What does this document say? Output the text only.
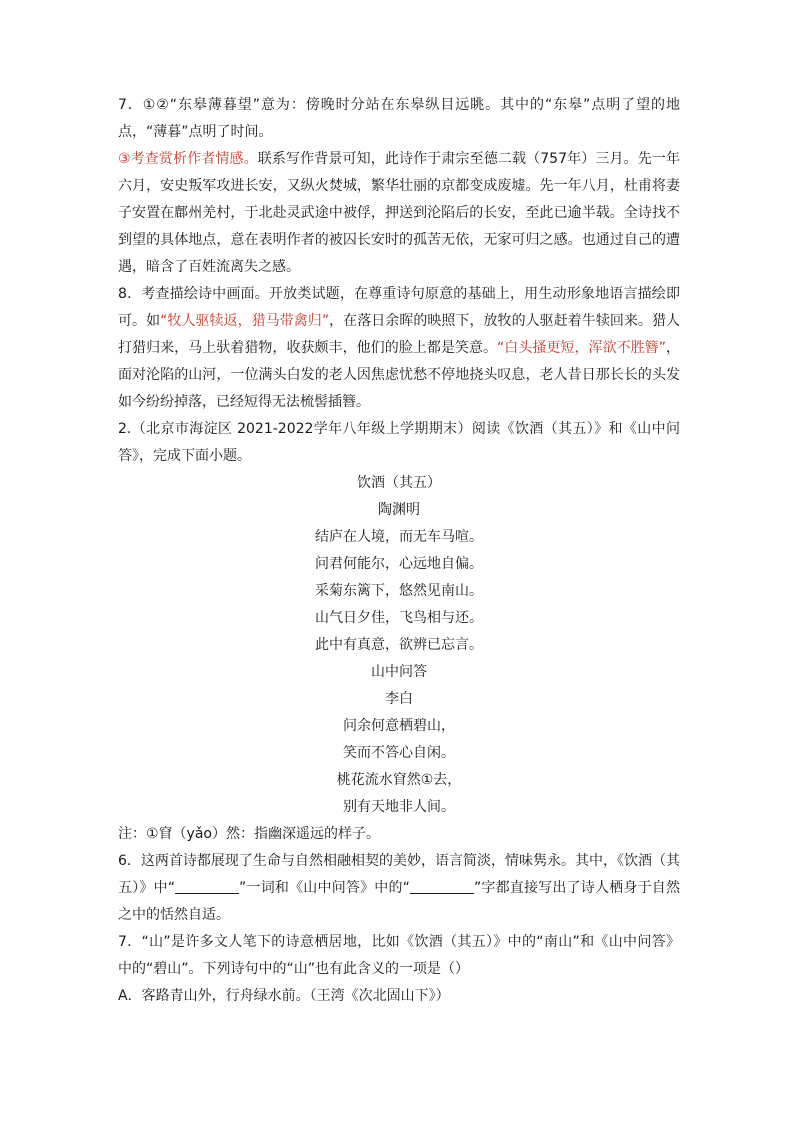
7．①②“东皋薄暮望”意为：傍晚时分站在东皋纵目远眺。其中的“东皋”点明了望的地点，“薄暮”点明了时间。

③考查赏析作者情感。联系写作背景可知，此诗作于肃宗至德二载（757年）三月。先一年六月，安史叛军攻进长安，又纵火焚城，繁华壮丽的京都变成废墟。先一年八月，杜甫将妻子安置在鄜州羌村，于北赴灵武途中被俘，押送到沦陷后的长安，至此已逾半载。全诗找不到望的具体地点，意在表明作者的被囚长安时的孤苦无依，无家可归之感。也通过自己的遭遇，暗含了百姓流离失之感。

8．考查描绘诗中画面。开放类试题，在尊重诗句原意的基础上，用生动形象地语言描绘即可。如“牧人驱犊返，猎马带禽归”，在落日余晖的映照下，放牧的人驱赶着牛犊回来。猎人打猎归来，马上驮着猎物，收获颇丰，他们的脸上都是笑意。“白头搔更短，浑欲不胜簪”，面对沦陷的山河，一位满头白发的老人因焦虑忧愁不停地挠头叹息，老人昔日那长长的头发如今纷纷掉落，已经短得无法梳髻插簪。

2.（北京市海淀区 2021-2022学年八年级上学期期末）阅读《饮酒（其五）》和《山中问答》，完成下面小题。

饮酒（其五）
陶渊明
结庐在人境，而无车马喧。
问君何能尔，心远地自偏。
采菊东篱下，悠然见南山。
山气日夕佳，飞鸟相与还。
此中有真意，欲辨已忘言。
山中问答
李白
问余何意栖碧山，
笑而不答心自闲。
桃花流水窅然①去，
别有天地非人间。

注：①窅（yǎo）然：指幽深遥远的样子。

6．这两首诗都展现了生命与自然相融相契的美妙，语言简淡，情味隽永。其中，《饮酒（其五）》中“	”一词和《山中问答》中的“	”字都直接写出了诗人栖身于自然之中的恬然自适。

7．“山”是许多文人笔下的诗意栖居地，比如《饮酒（其五）》中的“南山”和《山中问答》中的“碧山”。下列诗句中的“山”也有此含义的一项是（）

A．客路青山外，行舟绿水前。（王湾《次北固山下》）
